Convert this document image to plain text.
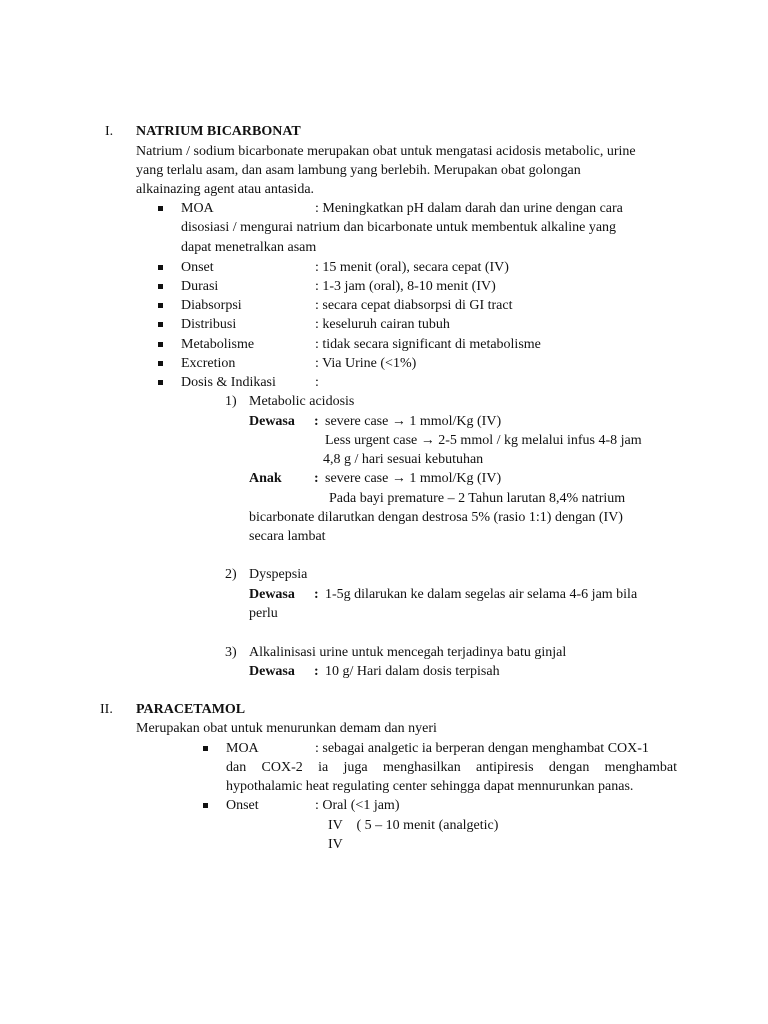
I. NATRIUM BICARBONAT
Natrium / sodium bicarbonate merupakan obat untuk mengatasi acidosis metabolic, urine
yang terlalu asam, dan asam lambung yang berlebih. Merupakan obat golongan
alkainazing agent atau antasida.
MOA	: Meningkatkan pH dalam darah dan urine dengan cara
disosiasi / mengurai natrium dan bicarbonate untuk membentuk alkaline yang
dapat menetralkan asam
Onset	: 15 menit (oral), secara cepat (IV)
Durasi	: 1-3 jam (oral), 8-10 menit (IV)
Diabsorpsi	: secara cepat diabsorpsi di GI tract
Distribusi	: keseluruh cairan tubuh
Metabolisme	: tidak secara significant di metabolisme
Excretion	: Via Urine (<1%)
Dosis & Indikasi	:
1) Metabolic acidosis
Dewasa : severe case → 1 mmol/Kg (IV)
Less urgent case → 2-5 mmol / kg melalui infus 4-8 jam
4,8 g / hari sesuai kebutuhan
Anak : severe case → 1 mmol/Kg (IV)
Pada bayi premature – 2 Tahun larutan 8,4% natrium
bicarbonate dilarutkan dengan destrosa 5% (rasio 1:1) dengan (IV)
secara lambat
2) Dyspepsia
Dewasa : 1-5g dilarukan ke dalam segelas air selama 4-6 jam bila
perlu
3) Alkalinisasi urine untuk mencegah terjadinya batu ginjal
Dewasa : 10 g/ Hari dalam dosis terpisah
II. PARACETAMOL
Merupakan obat untuk menurunkan demam dan nyeri
MOA	: sebagai analgetic ia berperan dengan menghambat COX-1
dan COX-2 ia juga menghasilkan antipiresis dengan menghambat
hypothalamic heat regulating center sehingga dapat mennurunkan panas.
Onset	: Oral (<1 jam)
IV    ( 5 – 10 menit (analgetic)
IV
